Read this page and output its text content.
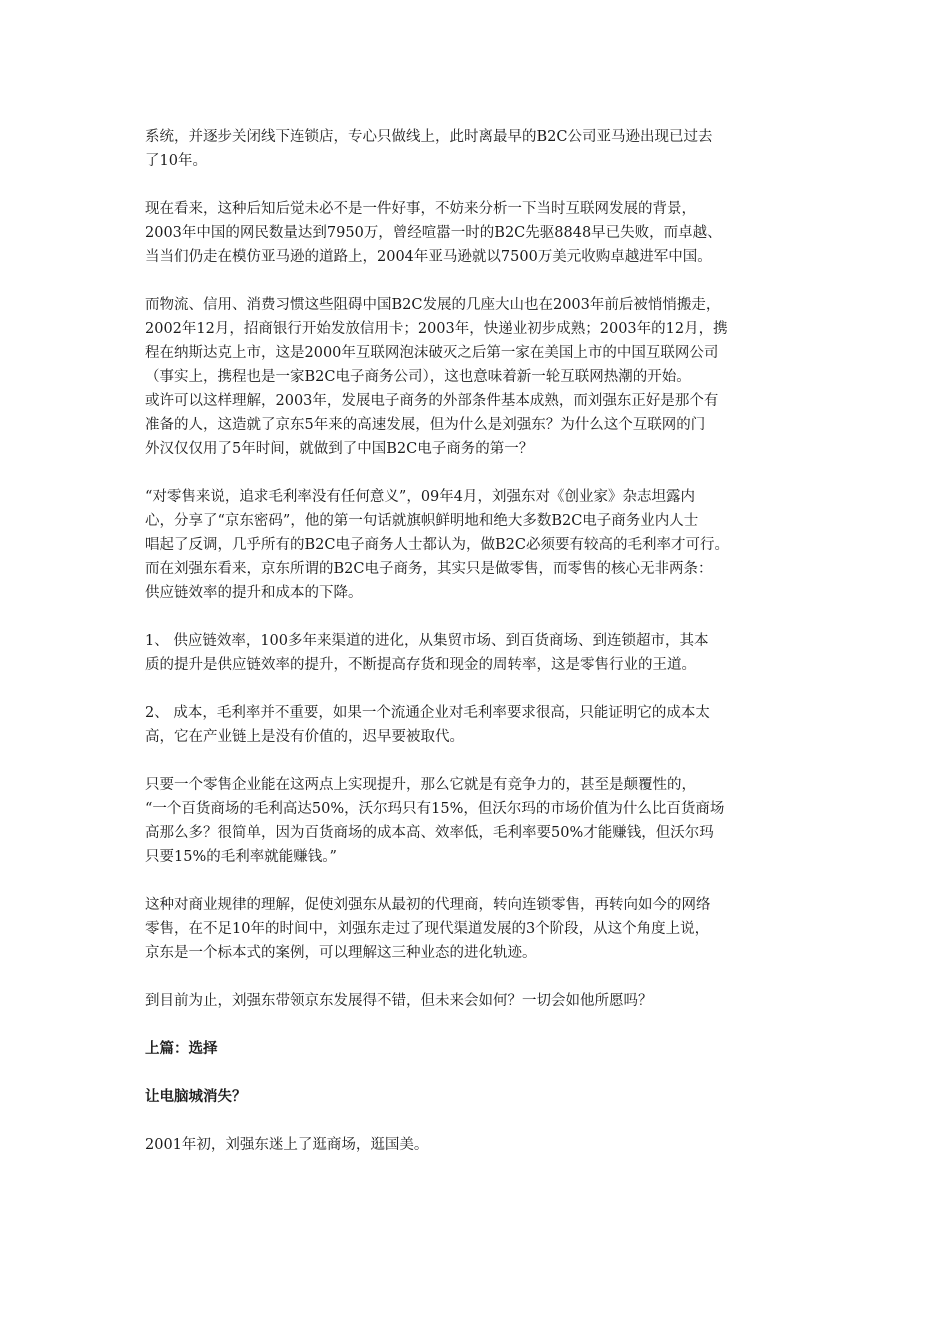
系统，并逐步关闭线下连锁店，专心只做线上，此时离最早的B2C公司亚马逊出现已过去
了10年。

现在看来，这种后知后觉未必不是一件好事，不妨来分析一下当时互联网发展的背景，
2003年中国的网民数量达到7950万，曾经喧嚣一时的B2C先驱8848早已失败，而卓越、
当当们仍走在模仿亚马逊的道路上，2004年亚马逊就以7500万美元收购卓越进军中国。

而物流、信用、消费习惯这些阻碍中国B2C发展的几座大山也在2003年前后被悄悄搬走，
2002年12月，招商银行开始发放信用卡；2003年，快递业初步成熟；2003年的12月，携
程在纳斯达克上市，这是2000年互联网泡沫破灭之后第一家在美国上市的中国互联网公司
（事实上，携程也是一家B2C电子商务公司），这也意味着新一轮互联网热潮的开始。

或许可以这样理解，2003年，发展电子商务的外部条件基本成熟，而刘强东正好是那个有
准备的人，这造就了京东5年来的高速发展，但为什么是刘强东？为什么这个互联网的门
外汉仅仅用了5年时间，就做到了中国B2C电子商务的第一？

“对零售来说，追求毛利率没有任何意义”，09年4月，刘强东对《创业家》杂志坦露内
心，分享了“京东密码”，他的第一句话就旗帜鲜明地和绝大多数B2C电子商务业内人士
唱起了反调，几乎所有的B2C电子商务人士都认为，做B2C必须要有较高的毛利率才可行。
而在刘强东看来，京东所谓的B2C电子商务，其实只是做零售，而零售的核心无非两条：
供应链效率的提升和成本的下降。

1、 供应链效率，100多年来渠道的进化，从集贸市场、到百货商场、到连锁超市，其本
质的提升是供应链效率的提升，不断提高存货和现金的周转率，这是零售行业的王道。

2、 成本，毛利率并不重要，如果一个流通企业对毛利率要求很高，只能证明它的成本太
高，它在产业链上是没有价值的，迟早要被取代。

只要一个零售企业能在这两点上实现提升，那么它就是有竞争力的，甚至是颠覆性的，
“一个百货商场的毛利高达50%，沃尔玛只有15%，但沃尔玛的市场价值为什么比百货商场
高那么多？很简单，因为百货商场的成本高、效率低，毛利率要50%才能赚钱，但沃尔玛
只要15%的毛利率就能赚钱。”

这种对商业规律的理解，促使刘强东从最初的代理商，转向连锁零售，再转向如今的网络
零售，在不足10年的时间中，刘强东走过了现代渠道发展的3个阶段，从这个角度上说，
京东是一个标本式的案例，可以理解这三种业态的进化轨迹。

到目前为止，刘强东带领京东发展得不错，但未来会如何？一切会如他所愿吗？

上篇：选择

让电脑城消失？

2001年初，刘强东迷上了逛商场，逛国美。
